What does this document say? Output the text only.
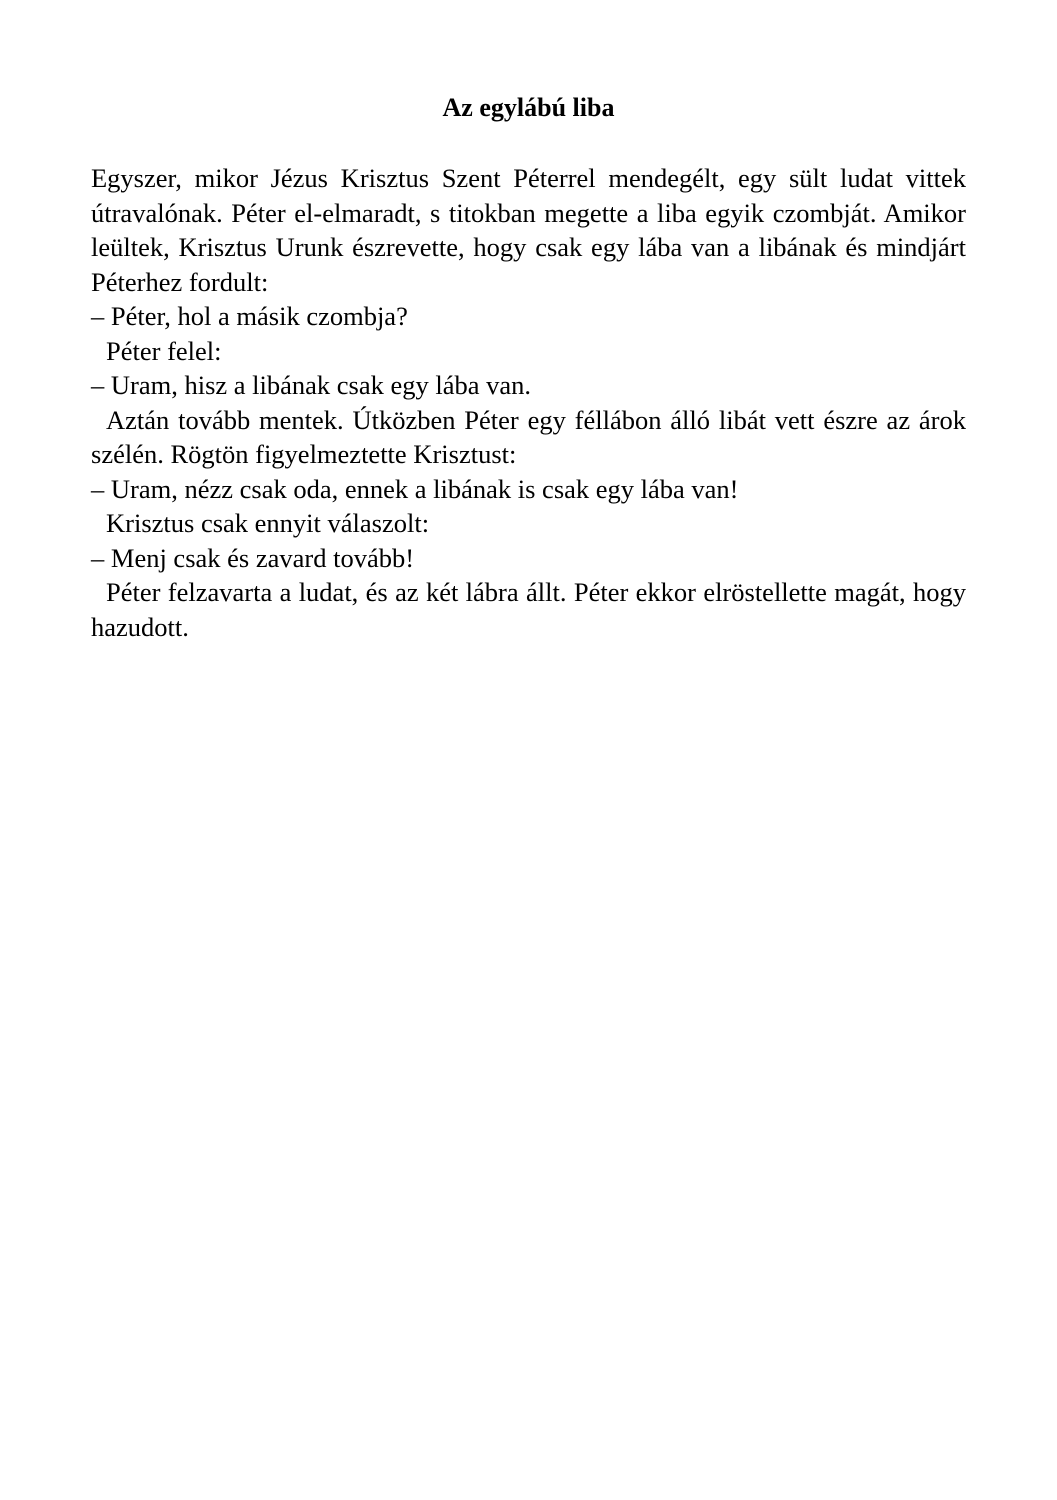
Az egylábú liba

Egyszer, mikor Jézus Krisztus Szent Péterrel mendegélt, egy sült ludat vittek útravalónak. Péter el-elmaradt, s titokban megette a liba egyik czombját. Amikor leültek, Krisztus Urunk észrevette, hogy csak egy lába van a libának és mindjárt Péterhez fordult:

– Péter, hol a másik czombja?

Péter felel:

– Uram, hisz a libának csak egy lába van.

Aztán tovább mentek. Útközben Péter egy féllábon álló libát vett észre az árok szélén. Rögtön figyelmeztette Krisztust:

– Uram, nézz csak oda, ennek a libának is csak egy lába van!

Krisztus csak ennyit válaszolt:

– Menj csak és zavard tovább!

Péter felzavarta a ludat, és az két lábra állt. Péter ekkor elröstellette magát, hogy hazudott.
